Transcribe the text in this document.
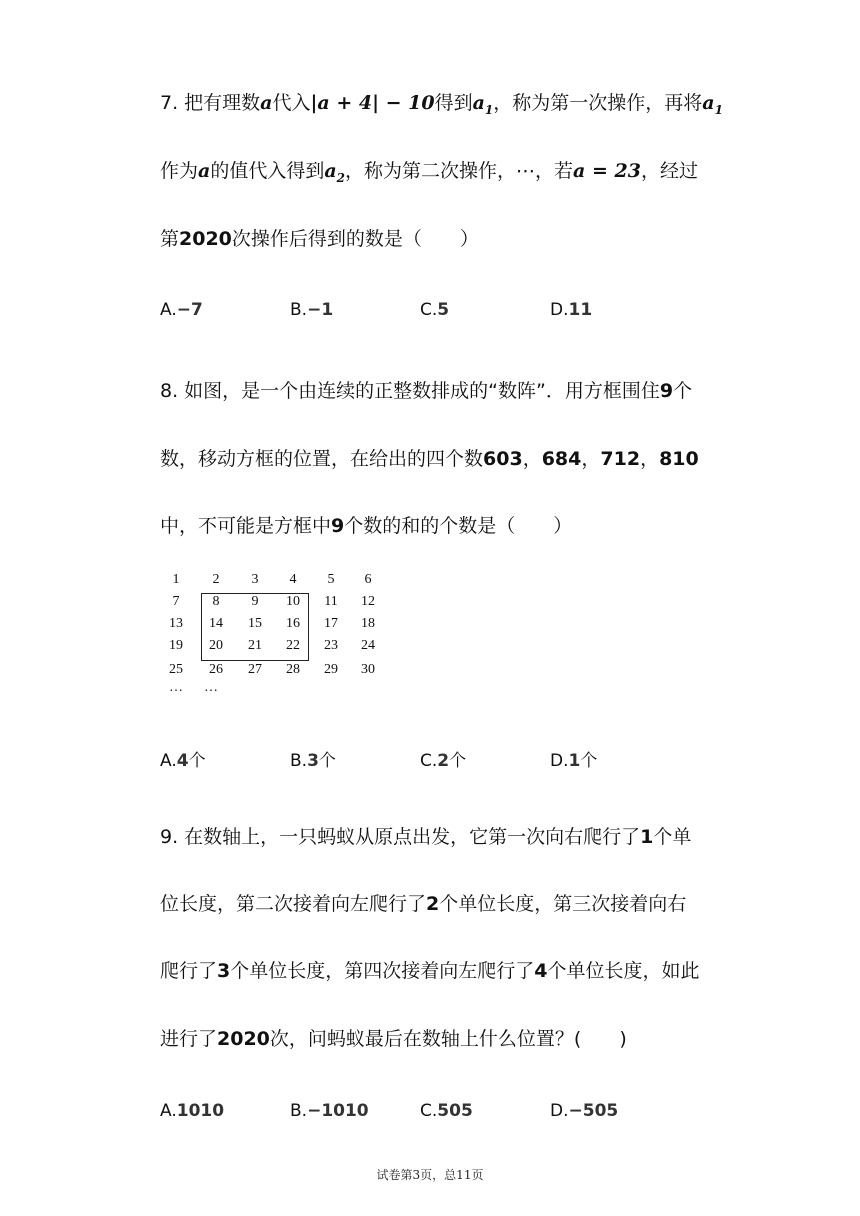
7. 把有理数a代入|a + 4| − 10得到$a_1$，称为第一次操作，再将$a_1$
作为a的值代入得到$a_2$，称为第二次操作，⋯，若a = 23，经过
第2020次操作后得到的数是（　　）
A.−7	B.−1	C.5	D.11
8. 如图，是一个由连续的正整数排成的“数阵”．用方框围住9个
数，移动方框的位置，在给出的四个数603，684，712，810
中，不可能是方框中9个数的和的个数是（　　）
1	2	3	4	5	6
7	8	9	10	11	12
13	14	15	16	17	18
19	20	21	22	23	24
25	26	27	28	29	30
…	…
A.4个	B.3个	C.2个	D.1个
9. 在数轴上，一只蚂蚁从原点出发，它第一次向右爬行了1个单
位长度，第二次接着向左爬行了2个单位长度，第三次接着向右
爬行了3个单位长度，第四次接着向左爬行了4个单位长度，如此
进行了2020次，问蚂蚁最后在数轴上什么位置？(　　)
A.1010	B.−1010	C.505	D.−505
试卷第3页，总11页
